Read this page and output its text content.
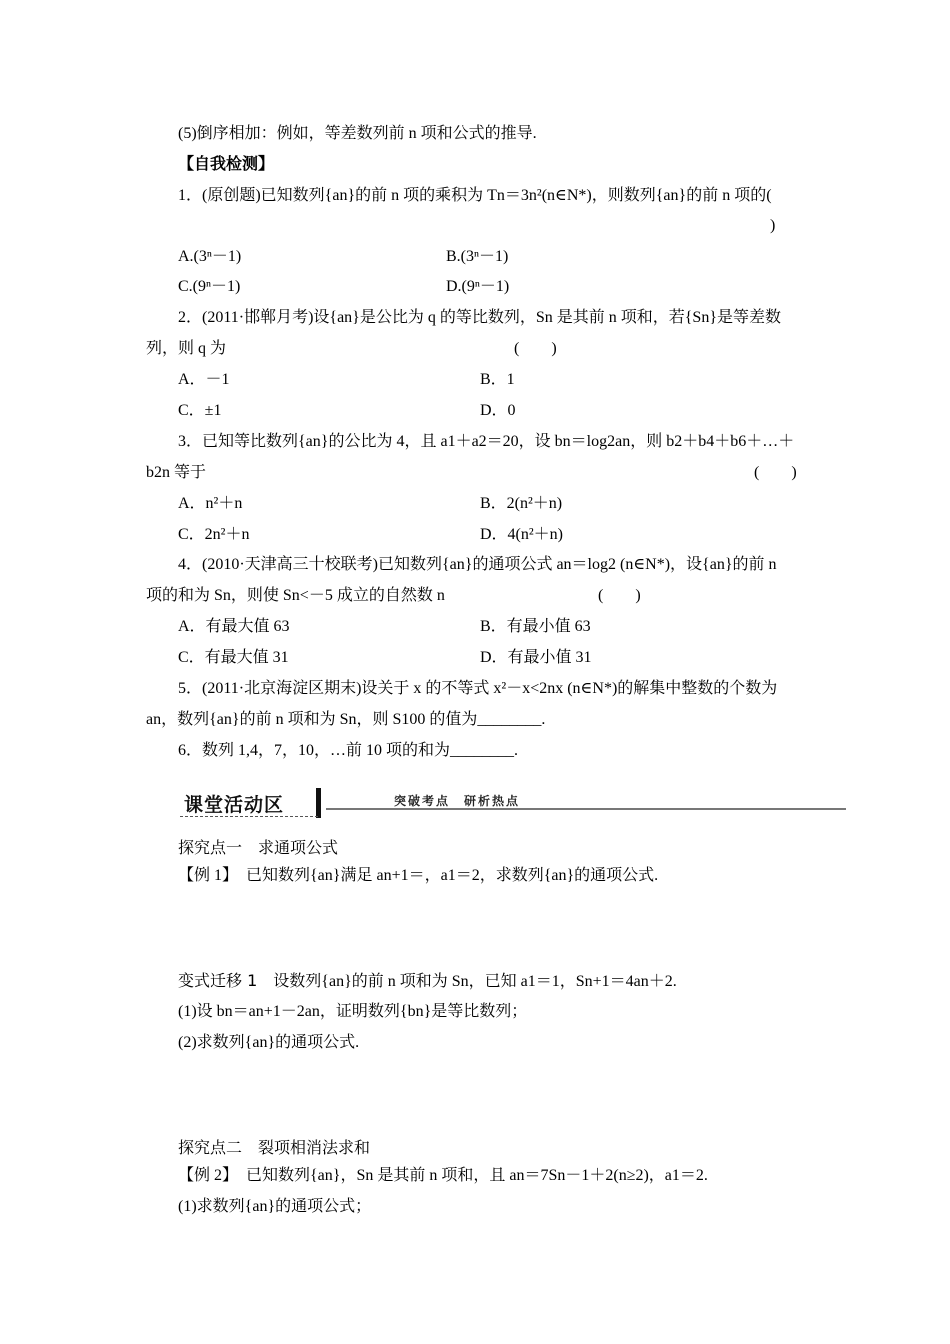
(5)倒序相加：例如，等差数列前 n 项和公式的推导.
【自我检测】
1．(原创题)已知数列{an}的前 n 项的乘积为 Tn＝3n²(n∈N*)，则数列{an}的前 n 项的(
)
A.(3ⁿ－1)	B.(3ⁿ－1)
C.(9ⁿ－1)	D.(9ⁿ－1)
2．(2011·邯郸月考)设{an}是公比为 q 的等比数列，Sn 是其前 n 项和，若{Sn}是等差数
列，则 q 为	(　　)
A．－1	B．1
C．±1	D．0
3．已知等比数列{an}的公比为 4，且 a1＋a2＝20，设 bn＝log2an，则 b2＋b4＋b6＋…＋
b2n 等于	(　　)
A．n²＋n	B．2(n²＋n)
C．2n²＋n	D．4(n²＋n)
4．(2010·天津高三十校联考)已知数列{an}的通项公式 an＝log2 (n∈N*)，设{an}的前 n
项的和为 Sn，则使 Sn<－5 成立的自然数 n	(　　)
A．有最大值 63	B．有最小值 63
C．有最大值 31	D．有最小值 31
5．(2011·北京海淀区期末)设关于 x 的不等式 x²－x<2nx (n∈N*)的解集中整数的个数为
an，数列{an}的前 n 项和为 Sn，则 S100 的值为________.
6．数列 1,4，7，10，…前 10 项的和为________.
课堂活动区	突破考点　研析热点
探究点一　求通项公式
【例 1】　已知数列{an}满足 an+1＝，a1＝2，求数列{an}的通项公式.
变式迁移 1　 设数列{an}的前 n 项和为 Sn，已知 a1＝1，Sn+1＝4an＋2.
(1)设 bn＝an+1－2an，证明数列{bn}是等比数列；
(2)求数列{an}的通项公式.
探究点二　裂项相消法求和
【例 2】　已知数列{an}，Sn 是其前 n 项和，且 an＝7Sn－1＋2(n≥2)，a1＝2.
(1)求数列{an}的通项公式；
